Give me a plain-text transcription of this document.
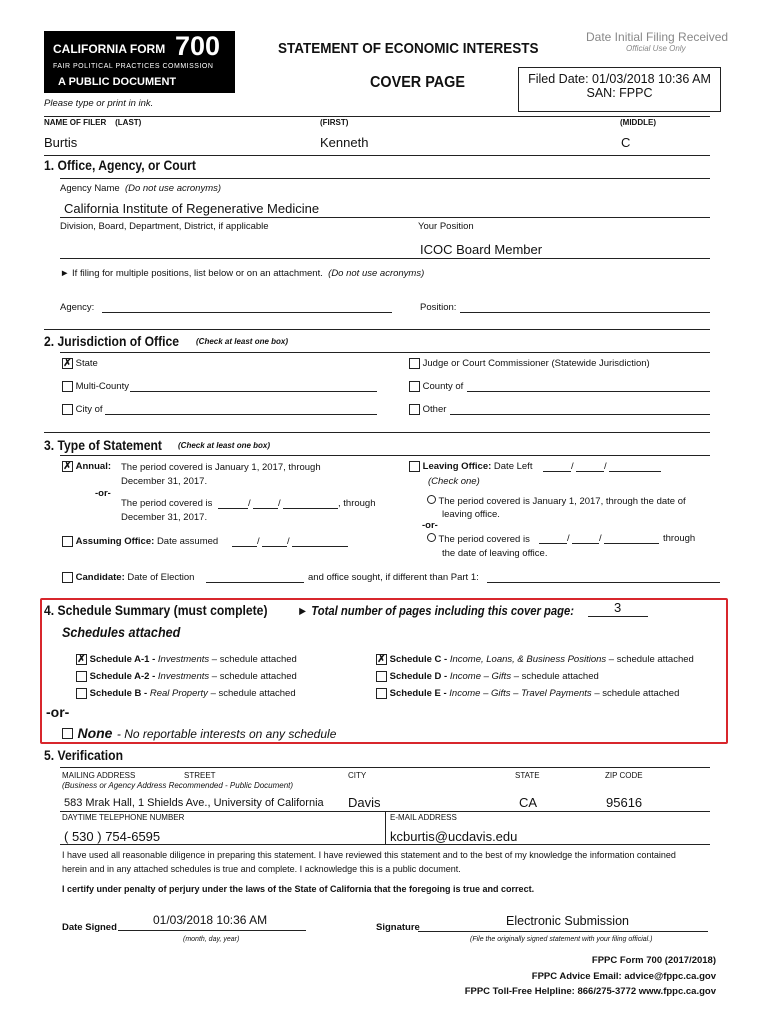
CALIFORNIA FORM 700
FAIR POLITICAL PRACTICES COMMISSION
A PUBLIC DOCUMENT
STATEMENT OF ECONOMIC INTERESTS
COVER PAGE
Date Initial Filing Received
Official Use Only
Filed Date: 01/03/2018 10:36 AM
SAN: FPPC
Please type or print in ink.
NAME OF FILER (LAST)	(FIRST)	(MIDDLE)
Burtis	Kenneth	C
1. Office, Agency, or Court
Agency Name (Do not use acronyms)
California Institute of Regenerative Medicine
Division, Board, Department, District, if applicable	Your Position
ICOC Board Member
► If filing for multiple positions, list below or on an attachment. (Do not use acronyms)
Agency:	Position:
2. Jurisdiction of Office (Check at least one box)
✗ State
Multi-County
City of
Judge or Court Commissioner (Statewide Jurisdiction)
County of
Other
3. Type of Statement (Check at least one box)
✗ Annual: The period covered is January 1, 2017, through
December 31, 2017.
-or-
The period covered is	/	/	, through
December 31, 2017.
Assuming Office: Date assumed	/	/
Leaving Office: Date Left	/	/
(Check one)
The period covered is January 1, 2017, through the date of
leaving office.
-or-
The period covered is	/	/	through
the date of leaving office.
Candidate: Date of Election	and office sought, if different than Part 1:
4. Schedule Summary (must complete) ► Total number of pages including this cover page:	3
Schedules attached
✗ Schedule A-1 - Investments – schedule attached
Schedule A-2 - Investments – schedule attached
Schedule B - Real Property – schedule attached
✗ Schedule C - Income, Loans, & Business Positions – schedule attached
Schedule D - Income – Gifts – schedule attached
Schedule E - Income – Gifts – Travel Payments – schedule attached
-or-
None - No reportable interests on any schedule
5. Verification
MAILING ADDRESS	STREET	CITY	STATE	ZIP CODE
(Business or Agency Address Recommended - Public Document)
583 Mrak Hall, 1 Shields Ave., University of California Davis	CA	95616
DAYTIME TELEPHONE NUMBER	E-MAIL ADDRESS
( 530 ) 754-6595	kcburtis@ucdavis.edu
I have used all reasonable diligence in preparing this statement. I have reviewed this statement and to the best of my knowledge the information contained
herein and in any attached schedules is true and complete. I acknowledge this is a public document.
I certify under penalty of perjury under the laws of the State of California that the foregoing is true and correct.
Date Signed
01/03/2018 10:36 AM
(month, day, year)
Signature	Electronic Submission
(File the originally signed statement with your filing official.)
FPPC Form 700 (2017/2018)
FPPC Advice Email: advice@fppc.ca.gov
FPPC Toll-Free Helpline: 866/275-3772 www.fppc.ca.gov
